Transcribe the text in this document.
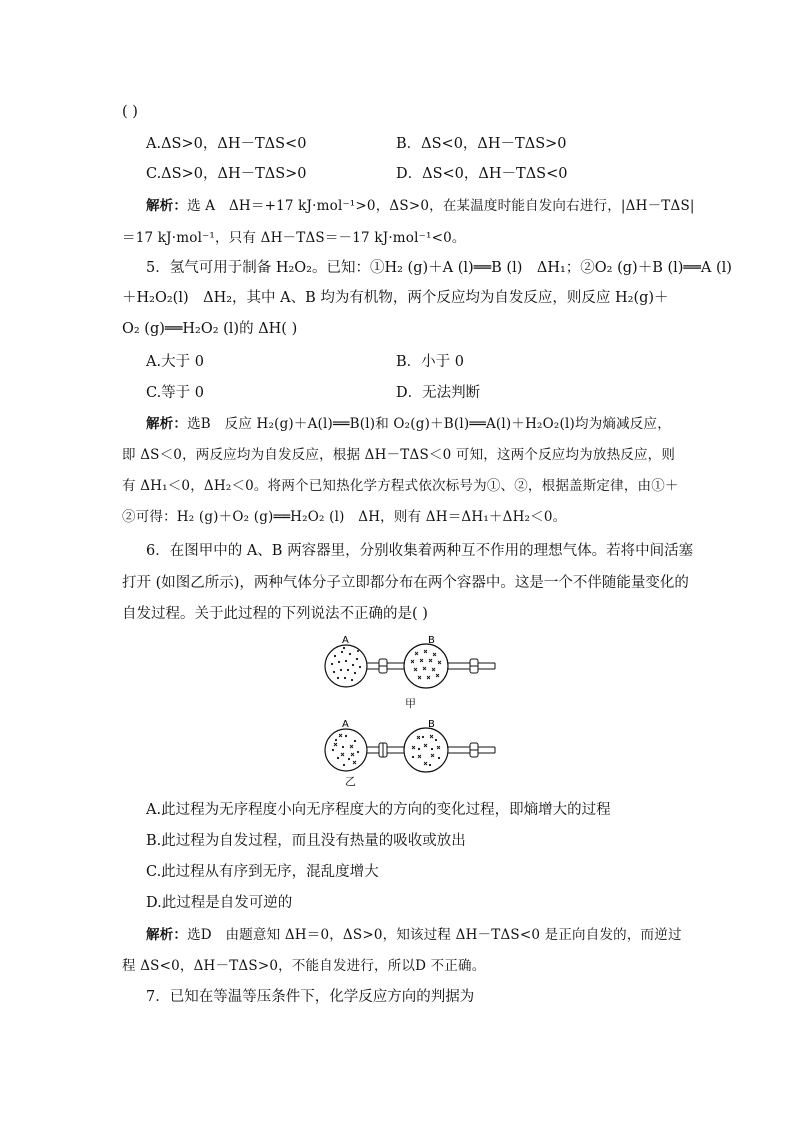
( )
A.ΔS>0，ΔH－TΔS<0	B．ΔS<0，ΔH－TΔS>0
C.ΔS>0，ΔH－TΔS>0	D．ΔS<0，ΔH－TΔS<0
解析：选 A　ΔH＝+17 kJ·mol⁻¹>0，ΔS>0，在某温度时能自发向右进行，|ΔH－TΔS|
＝17 kJ·mol⁻¹，只有 ΔH－TΔS＝－17 kJ·mol⁻¹<0。
5．氢气可用于制备 H₂O₂。已知：①H₂ (g)＋A (l)══B (l)　ΔH₁；②O₂ (g)＋B (l)══A (l)
＋H₂O₂(l)　ΔH₂，其中 A、B 均为有机物，两个反应均为自发反应，则反应 H₂(g)＋
O₂ (g)══H₂O₂ (l)的 ΔH( )
A.大于 0	B．小于 0
C.等于 0	D．无法判断
解析：选B　反应 H₂(g)＋A(l)══B(l)和 O₂(g)＋B(l)══A(l)＋H₂O₂(l)均为熵减反应，
即 ΔS＜0，两反应均为自发反应，根据 ΔH－TΔS＜0 可知，这两个反应均为放热反应，则
有 ΔH₁＜0，ΔH₂＜0。将两个已知热化学方程式依次标号为①、②，根据盖斯定律，由①＋
②可得：H₂ (g)＋O₂ (g)══H₂O₂ (l)　ΔH，则有 ΔH＝ΔH₁＋ΔH₂＜0。
6．在图甲中的 A、B 两容器里，分别收集着两种互不作用的理想气体。若将中间活塞
打开 (如图乙所示)，两种气体分子立即都分布在两个容器中。这是一个不伴随能量变化的
自发过程。关于此过程的下列说法不正确的是( )
A	B
甲
A	B
乙
A.此过程为无序程度小向无序程度大的方向的变化过程，即熵增大的过程
B.此过程为自发过程，而且没有热量的吸收或放出
C.此过程从有序到无序，混乱度增大
D.此过程是自发可逆的
解析：选D　由题意知 ΔH＝0，ΔS>0，知该过程 ΔH－TΔS<0 是正向自发的，而逆过
程 ΔS<0，ΔH－TΔS>0，不能自发进行，所以D 不正确。
7．已知在等温等压条件下，化学反应方向的判据为
